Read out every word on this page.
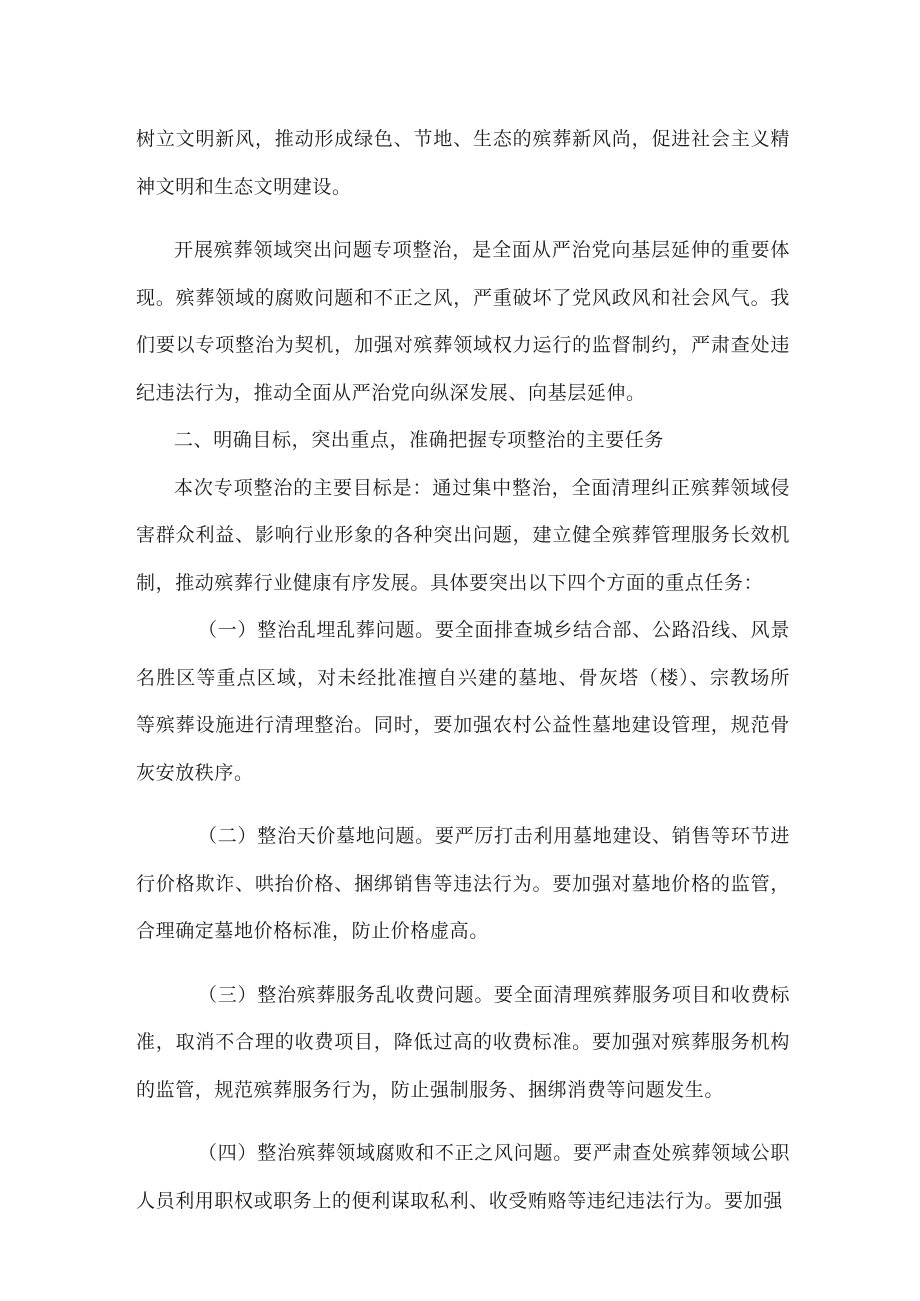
树立文明新风，推动形成绿色、节地、生态的殡葬新风尚，促进社会主义精神文明和生态文明建设。

开展殡葬领域突出问题专项整治，是全面从严治党向基层延伸的重要体现。殡葬领域的腐败问题和不正之风，严重破坏了党风政风和社会风气。我们要以专项整治为契机，加强对殡葬领域权力运行的监督制约，严肃查处违纪违法行为，推动全面从严治党向纵深发展、向基层延伸。

二、明确目标，突出重点，准确把握专项整治的主要任务

本次专项整治的主要目标是：通过集中整治，全面清理纠正殡葬领域侵害群众利益、影响行业形象的各种突出问题，建立健全殡葬管理服务长效机制，推动殡葬行业健康有序发展。具体要突出以下四个方面的重点任务：

（一）整治乱埋乱葬问题。要全面排查城乡结合部、公路沿线、风景名胜区等重点区域，对未经批准擅自兴建的墓地、骨灰塔（楼）、宗教场所等殡葬设施进行清理整治。同时，要加强农村公益性墓地建设管理，规范骨灰安放秩序。

（二）整治天价墓地问题。要严厉打击利用墓地建设、销售等环节进行价格欺诈、哄抬价格、捆绑销售等违法行为。要加强对墓地价格的监管，合理确定墓地价格标准，防止价格虚高。

（三）整治殡葬服务乱收费问题。要全面清理殡葬服务项目和收费标准，取消不合理的收费项目，降低过高的收费标准。要加强对殡葬服务机构的监管，规范殡葬服务行为，防止强制服务、捆绑消费等问题发生。

（四）整治殡葬领域腐败和不正之风问题。要严肃查处殡葬领域公职人员利用职权或职务上的便利谋取私利、收受贿赂等违纪违法行为。要加强
